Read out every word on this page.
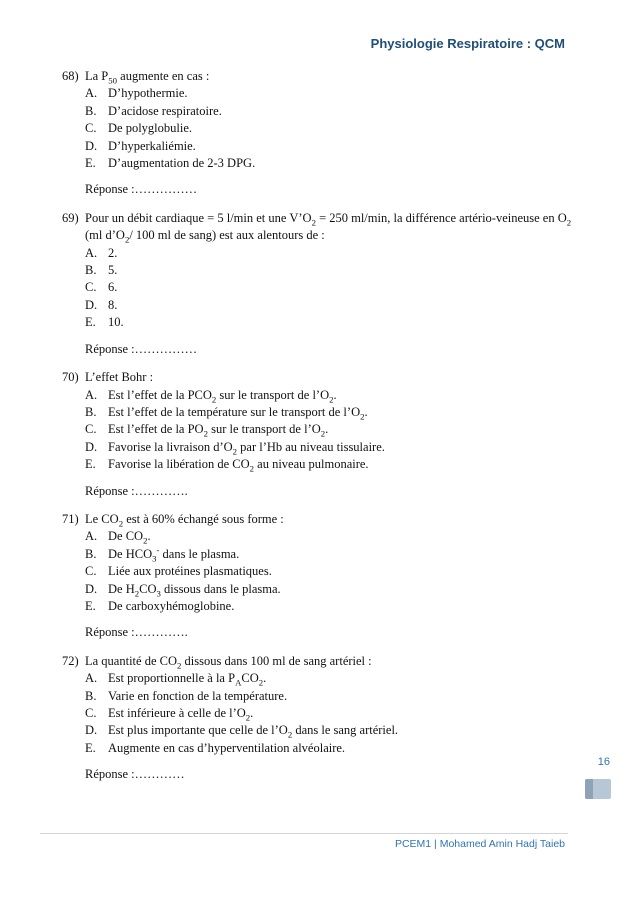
Physiologie Respiratoire : QCM
68) La $P_{50}$ augmente en cas :
A. D’hypothermie.
B. D’acidose respiratoire.
C. De polyglobulie.
D. D’hyperkaliémie.
E. D’augmentation de 2-3 DPG.
Réponse :……………
69) Pour un débit cardiaque = 5 l/min et une $V’O_2 = 250$ ml/min, la différence artério-veineuse en $O_2$ (ml $d’O_2/$ 100 ml de sang) est aux alentours de :
A. 2.
B. 5.
C. 6.
D. 8.
E. 10.
Réponse :……………
70) L’effet Bohr :
A. Est l’effet de la $PCO_2$ sur le transport de $l’O_2$.
B. Est l’effet de la température sur le transport de $l’O_2$.
C. Est l’effet de la $PO_2$ sur le transport de $l’O_2$.
D. Favorise la livraison $d’O_2$ par l’Hb au niveau tissulaire.
E. Favorise la libération de $CO_2$ au niveau pulmonaire.
Réponse :………….
71) Le $CO_2$ est à 60% échangé sous forme :
A. De $CO_2$.
B. De $HCO_3^-$ dans le plasma.
C. Liée aux protéines plasmatiques.
D. De $H_2CO_3$ dissous dans le plasma.
E. De carboxyhémoglobine.
Réponse :………….
72) La quantité de $CO_2$ dissous dans 100 ml de sang artériel :
A. Est proportionnelle à la $P_ACO_2$.
B. Varie en fonction de la température.
C. Est inférieure à celle de $l’O_2$.
D. Est plus importante que celle de $l’O_2$ dans le sang artériel.
E. Augmente en cas d’hyperventilation alvéolaire.
Réponse :…………
16
PCEM1 | Mohamed Amin Hadj Taieb
